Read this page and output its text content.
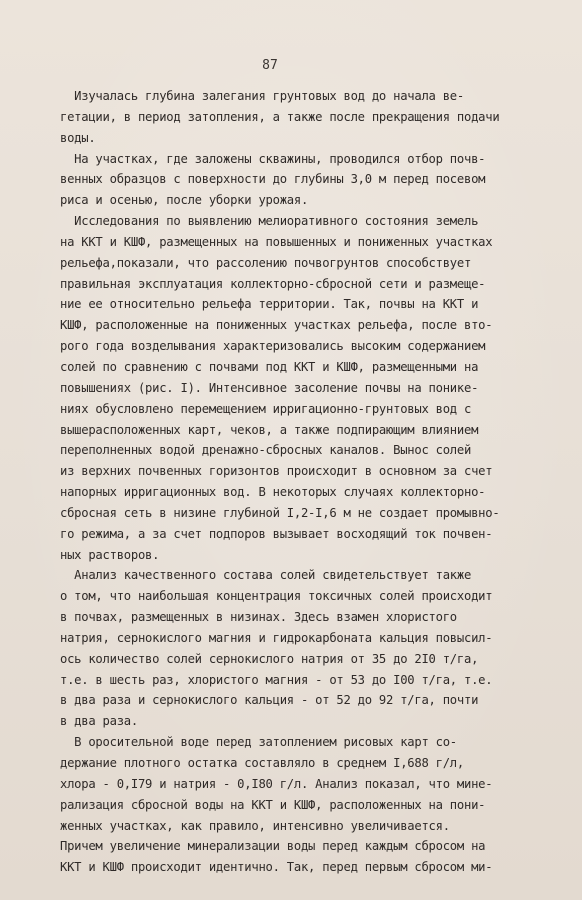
87
Изучалась глубина залегания грунтовых вод до начала ве-
гетации, в период затопления, а также после прекращения подачи
воды.
На участках, где заложены скважины, проводился отбор почв-
венных образцов с поверхности до глубины 3,0 м перед посевом
риса и осенью, после уборки урожая.
Исследования по выявлению мелиоративного состояния земель
на ККТ и КШФ, размещенных на повышенных и пониженных участках
рельефа,показали, что рассолению почвогрунтов способствует
правильная эксплуатация коллекторно-сбросной сети и размеще-
ние ее относительно рельефа территории. Так, почвы на ККТ и
КШФ, расположенные на пониженных участках рельефа, после вто-
рого года возделывания характеризовались высоким содержанием
солей по сравнению с почвами под ККТ и КШФ, размещенными на
повышениях (рис. I). Интенсивное засоление почвы на понике-
ниях обусловлено перемещением ирригационно-грунтовых вод с
вышерасположенных карт, чеков, а также подпирающим влиянием
переполненных водой дренажно-сбросных каналов. Вынос солей
из верхних почвенных горизонтов происходит в основном за счет
напорных ирригационных вод. В некоторых случаях коллекторно-
сбросная сеть в низине глубиной I,2-I,6 м не создает промывно-
го режима, а за счет подпоров вызывает восходящий ток почвен-
ных растворов.
Анализ качественного состава солей свидетельствует также
о том, что наибольшая концентрация токсичных солей происходит
в почвах, размещенных в низинах. Здесь взамен хлористого
натрия, сернокислого магния и гидрокарбоната кальция повысил-
ось количество солей сернокислого натрия от 35 до 2I0 т/га,
т.е. в шесть раз, хлористого магния - от 53 до I00 т/га, т.е.
в два раза и сернокислого кальция - от 52 до 92 т/га, почти
в два раза.
В оросительной воде перед затоплением рисовых карт со-
держание плотного остатка составляло в среднем I,688 г/л,
хлора - 0,I79 и натрия - 0,I80 г/л. Анализ показал, что мине-
рализация сбросной воды на ККТ и КШФ, расположенных на пони-
женных участках, как правило, интенсивно увеличивается.
Причем увеличение минерализации воды перед каждым сбросом на
ККТ и КШФ происходит идентично. Так, перед первым сбросом ми-
